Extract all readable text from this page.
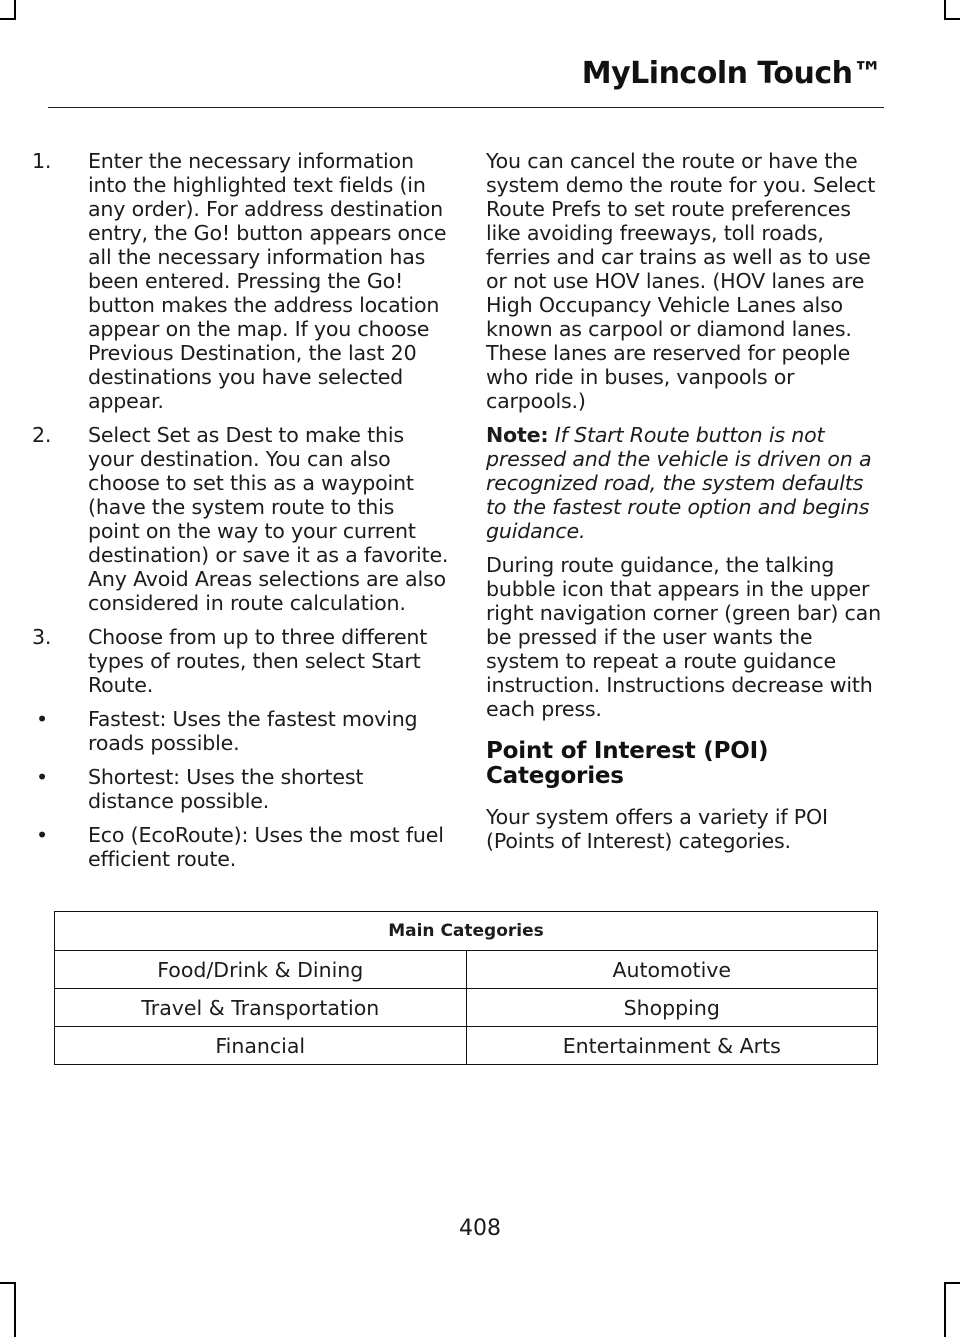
MyLincoln Touch™
1.	Enter the necessary information into the highlighted text fields (in any order). For address destination entry, the Go! button appears once all the necessary information has been entered. Pressing the Go! button makes the address location appear on the map. If you choose Previous Destination, the last 20 destinations you have selected appear.
2.	Select Set as Dest to make this your destination. You can also choose to set this as a waypoint (have the system route to this point on the way to your current destination) or save it as a favorite. Any Avoid Areas selections are also considered in route calculation.
3.	Choose from up to three different types of routes, then select Start Route.
•	Fastest: Uses the fastest moving roads possible.
•	Shortest: Uses the shortest distance possible.
•	Eco (EcoRoute): Uses the most fuel efficient route.

You can cancel the route or have the system demo the route for you. Select Route Prefs to set route preferences like avoiding freeways, toll roads, ferries and car trains as well as to use or not use HOV lanes. (HOV lanes are High Occupancy Vehicle Lanes also known as carpool or diamond lanes. These lanes are reserved for people who ride in buses, vanpools or carpools.)

Note: If Start Route button is not pressed and the vehicle is driven on a recognized road, the system defaults to the fastest route option and begins guidance.

During route guidance, the talking bubble icon that appears in the upper right navigation corner (green bar) can be pressed if the user wants the system to repeat a route guidance instruction. Instructions decrease with each press.

Point of Interest (POI) Categories

Your system offers a variety if POI (Points of Interest) categories.

Main Categories	
Food/Drink & Dining	Automotive
Travel & Transportation	Shopping
Financial	Entertainment & Arts
408
